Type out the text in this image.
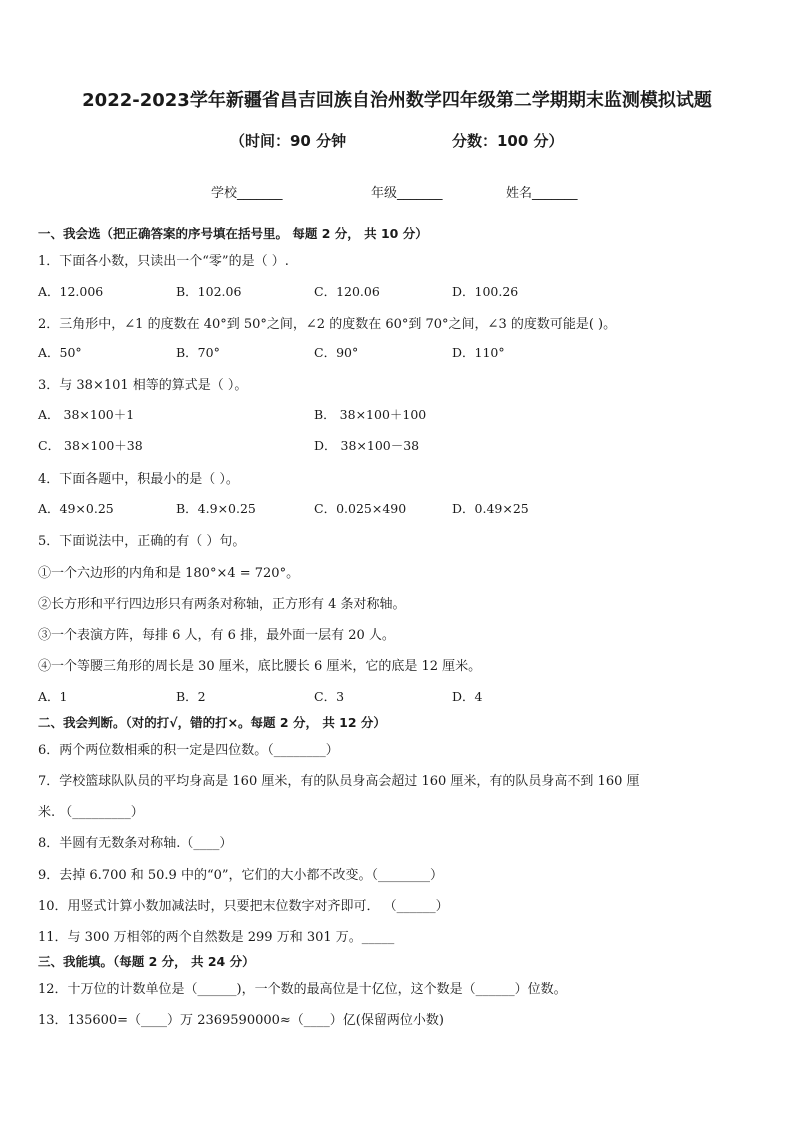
2022-2023学年新疆省昌吉回族自治州数学四年级第二学期期末监测模拟试题
（时间：90 分钟	分数：100 分）
学校_______	年级_______	姓名_______
一、我会选（把正确答案的序号填在括号里。 每题 2 分， 共 10 分）
1．下面各小数，只读出一个“零”的是（ ）.
A．12.006	B．102.06	C．120.06	D．100.26
2．三角形中，∠1 的度数在 40°到 50°之间，∠2 的度数在 60°到 70°之间，∠3 的度数可能是( )。
A．50°	B．70°	C．90°	D．110°
3．与 38×101 相等的算式是（ ）。
A． 38×100＋1	B． 38×100＋100
C． 38×100＋38	D． 38×100－38
4．下面各题中，积最小的是（ ）。
A．49×0.25	B．4.9×0.25	C．0.025×490	D．0.49×25
5．下面说法中，正确的有（ ）句。
①一个六边形的内角和是 180°×4 = 720°。
②长方形和平行四边形只有两条对称轴，正方形有 4 条对称轴。
③一个表演方阵，每排 6 人，有 6 排，最外面一层有 20 人。
④一个等腰三角形的周长是 30 厘米，底比腰长 6 厘米，它的底是 12 厘米。
A．1	B．2	C．3	D．4
二、我会判断。（对的打√，错的打×。每题 2 分， 共 12 分）
6．两个两位数相乘的积一定是四位数。（________）
7．学校篮球队队员的平均身高是 160 厘米，有的队员身高会超过 160 厘米，有的队员身高不到 160 厘
米. （_________）
8．半圆有无数条对称轴.（____）
9．去掉 6.700 和 50.9 中的“0”，它们的大小都不改变。（________）
10．用竖式计算小数加减法时，只要把末位数字对齐即可． （______）
11．与 300 万相邻的两个自然数是 299 万和 301 万。_____
三、我能填。（每题 2 分， 共 24 分）
12．十万位的计数单位是（______)，一个数的最高位是十亿位，这个数是（______）位数。
13．135600=（____）万 2369590000≈（____）亿(保留两位小数)
